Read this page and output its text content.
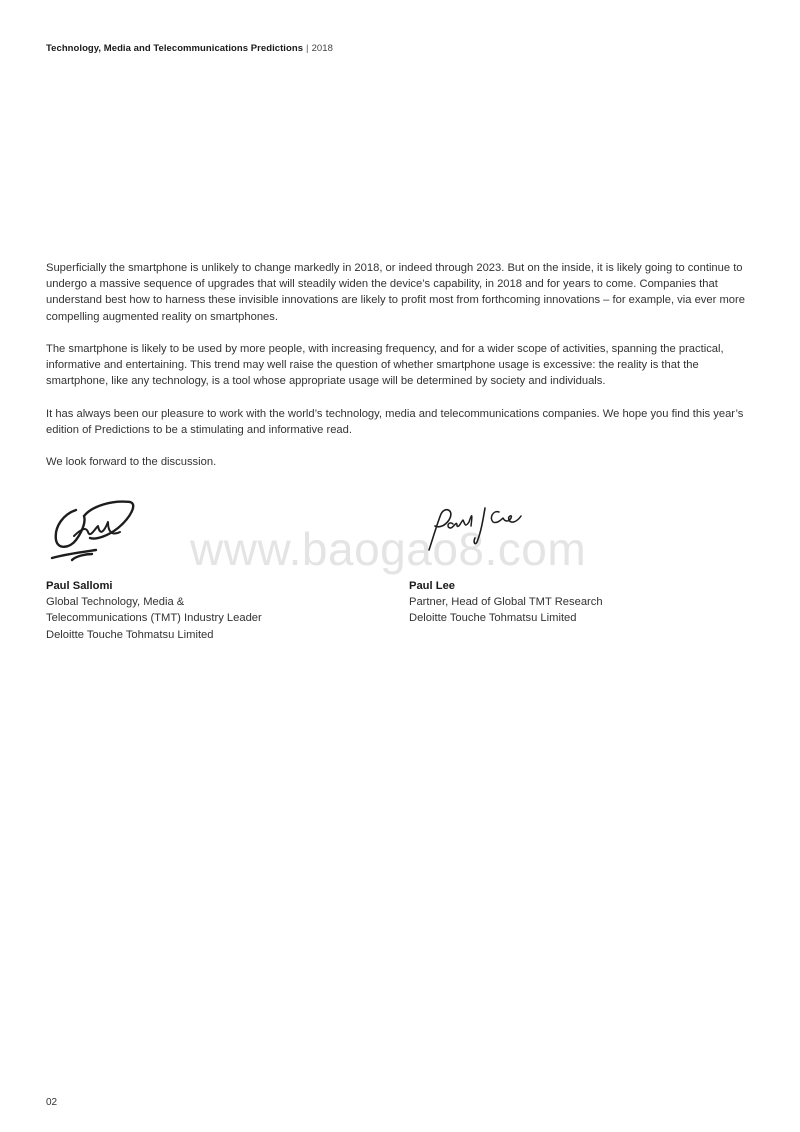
Technology, Media and Telecommunications Predictions | 2018

Superficially the smartphone is unlikely to change markedly in 2018, or indeed through 2023. But on the inside, it is likely going to continue to undergo a massive sequence of upgrades that will steadily widen the device’s capability, in 2018 and for years to come. Companies that understand best how to harness these invisible innovations are likely to profit most from forthcoming innovations – for example, via ever more compelling augmented reality on smartphones.

The smartphone is likely to be used by more people, with increasing frequency, and for a wider scope of activities, spanning the practical, informative and entertaining. This trend may well raise the question of whether smartphone usage is excessive: the reality is that the smartphone, like any technology, is a tool whose appropriate usage will be determined by society and individuals.

It has always been our pleasure to work with the world’s technology, media and telecommunications companies. We hope you find this year’s edition of Predictions to be a stimulating and informative read.

We look forward to the discussion.

www.baogao8.com
Paul Sallomi
Global Technology, Media &
Telecommunications (TMT) Industry Leader
Deloitte Touche Tohmatsu Limited
Paul Lee
Partner, Head of Global TMT Research
Deloitte Touche Tohmatsu Limited
02
